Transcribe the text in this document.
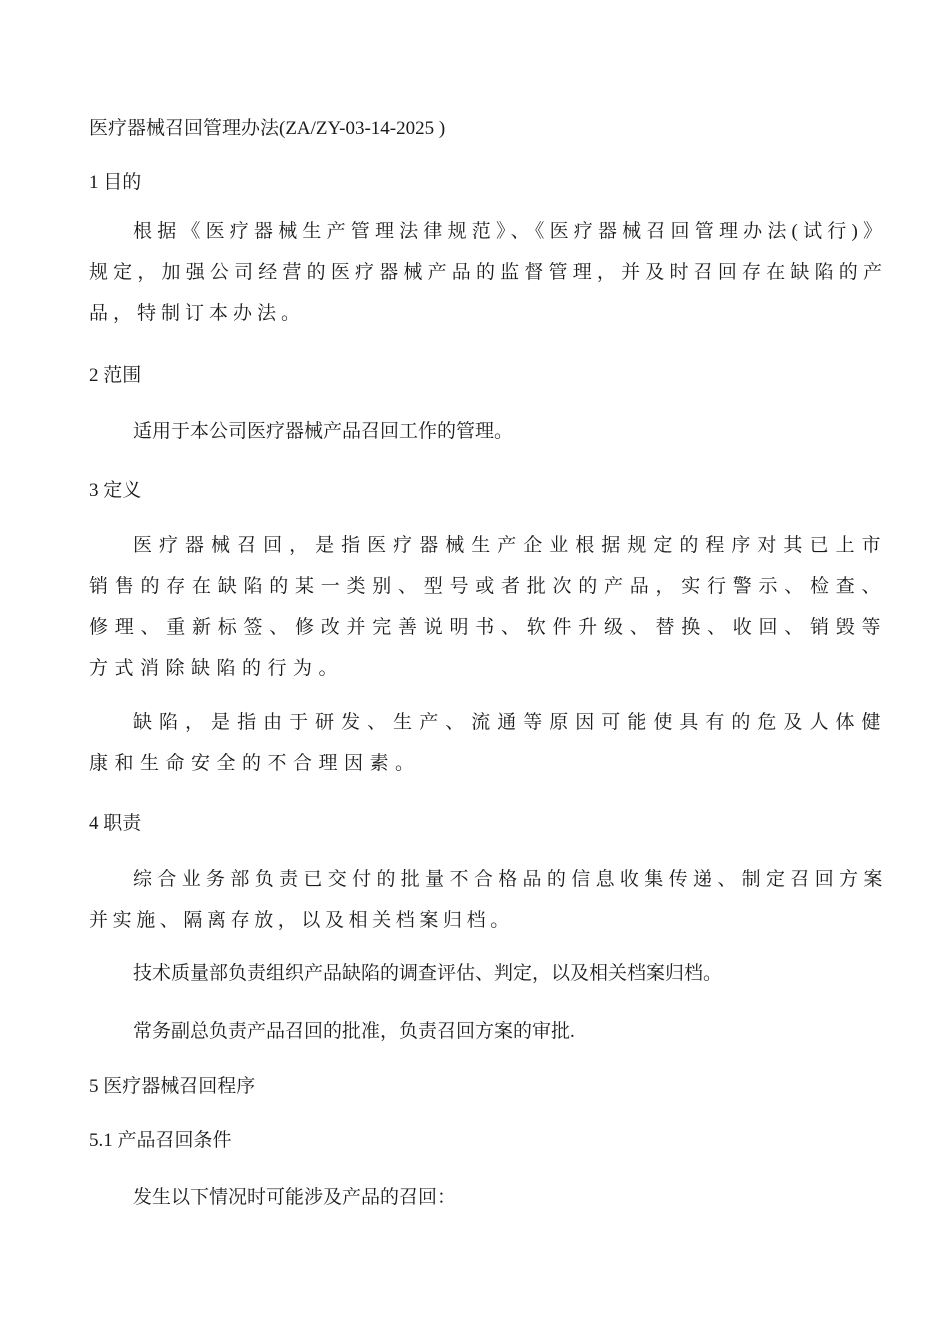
医疗器械召回管理办法(ZA/ZY-03-14-2025 )
1 目的
根据《医疗器械生产管理法律规范》、《医疗器械召回管理办法(试行)》规定，加强公司经营的医疗器械产品的监督管理，并及时召回存在缺陷的产品，特制订本办法。
2 范围
适用于本公司医疗器械产品召回工作的管理。
3 定义
医疗器械召回，是指医疗器械生产企业根据规定的程序对其已上市销售的存在缺陷的某一类别、型号或者批次的产品，实行警示、检查、修理、重新标签、修改并完善说明书、软件升级、替换、收回、销毁等方式消除缺陷的行为。
缺陷，是指由于研发、生产、流通等原因可能使具有的危及人体健康和生命安全的不合理因素。
4 职责
综合业务部负责已交付的批量不合格品的信息收集传递、制定召回方案并实施、隔离存放，以及相关档案归档。
技术质量部负责组织产品缺陷的调查评估、判定，以及相关档案归档。
常务副总负责产品召回的批准，负责召回方案的审批.
5 医疗器械召回程序
5.1 产品召回条件
发生以下情况时可能涉及产品的召回：
